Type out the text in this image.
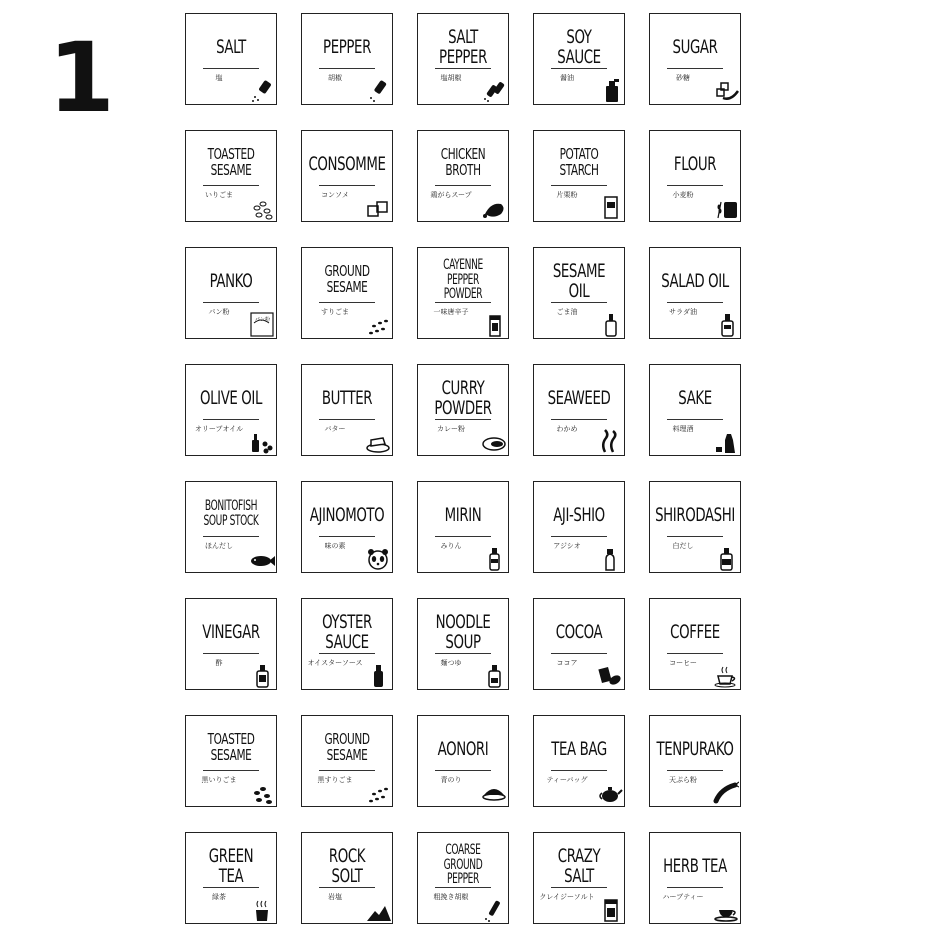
1	SALT
塩
PEPPER
胡椒
SALT PEPPER
塩胡椒
SOY SAUCE
醤油
SUGAR
砂糖
TOASTED SESAME
いりごま
CONSOMME
コンソメ
CHICKEN BROTH
鶏がらスープ
POTATO STARCH
片栗粉
FLOUR
小麦粉
PANKO
パン粉
パン粉
GROUND SESAME
すりごま
CAYENNE PEPPER POWDER
一味唐辛子
SESAME OIL
ごま油
SALAD OIL
サラダ油
OLIVE OIL
オリーブオイル
BUTTER
バター
CURRY POWDER
カレー粉
SEAWEED
わかめ
SAKE
料理酒
BONITOFISH SOUP STOCK
ほんだし
AJINOMOTO
味の素
MIRIN
みりん
AJI-SHIO
アジシオ
SHIRODASHI
白だし
VINEGAR
酢
OYSTER SAUCE
オイスターソース
NOODLE SOUP
麺つゆ
COCOA
ココア
COFFEE
コーヒー
TOASTED SESAME
黒いりごま
GROUND SESAME
黒すりごま
AONORI
青のり
TEA BAG
ティーバッグ
TENPURAKO
天ぷら粉
GREEN TEA
緑茶
ROCK SOLT
岩塩
COARSE GROUND PEPPER
粗挽き胡椒
CRAZY SALT
クレイジーソルト
HERB TEA
ハーブティー
